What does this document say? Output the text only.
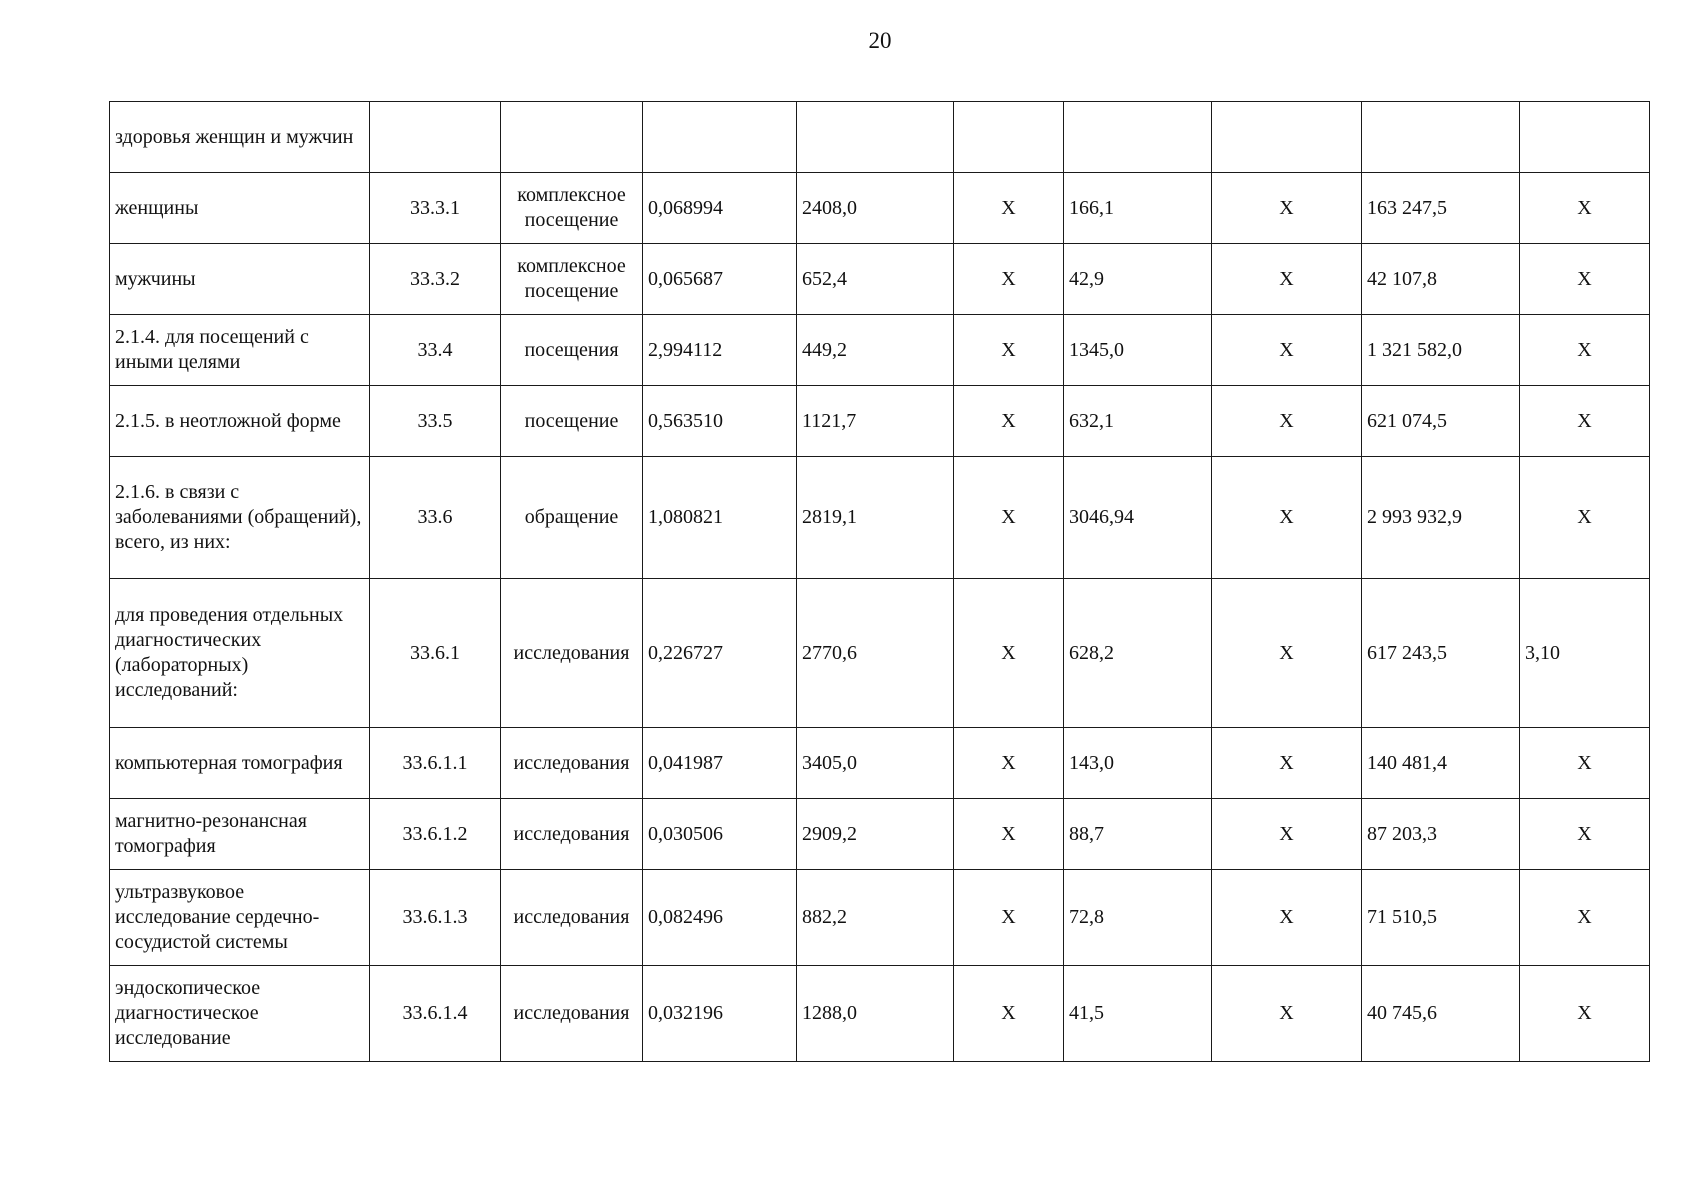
20
здоровья женщин и мужчин									
женщины	33.3.1	комплексное посещение	0,068994	2408,0	X	166,1	X	163 247,5	X
мужчины	33.3.2	комплексное посещение	0,065687	652,4	X	42,9	X	42 107,8	X
2.1.4. для посещений с иными целями	33.4	посещения	2,994112	449,2	X	1345,0	X	1 321 582,0	X
2.1.5. в неотложной форме	33.5	посещение	0,563510	1121,7	X	632,1	X	621 074,5	X
2.1.6. в связи с заболеваниями (обращений), всего, из них:	33.6	обращение	1,080821	2819,1	X	3046,94	X	2 993 932,9	X
для проведения отдельных диагностических (лабораторных) исследований:	33.6.1	исследования	0,226727	2770,6	X	628,2	X	617 243,5	3,10
компьютерная томография	33.6.1.1	исследования	0,041987	3405,0	X	143,0	X	140 481,4	X
магнитно-резонансная томография	33.6.1.2	исследования	0,030506	2909,2	X	88,7	X	87 203,3	X
ультразвуковое исследование сердечно-сосудистой системы	33.6.1.3	исследования	0,082496	882,2	X	72,8	X	71 510,5	X
эндоскопическое диагностическое исследование	33.6.1.4	исследования	0,032196	1288,0	X	41,5	X	40 745,6	X
